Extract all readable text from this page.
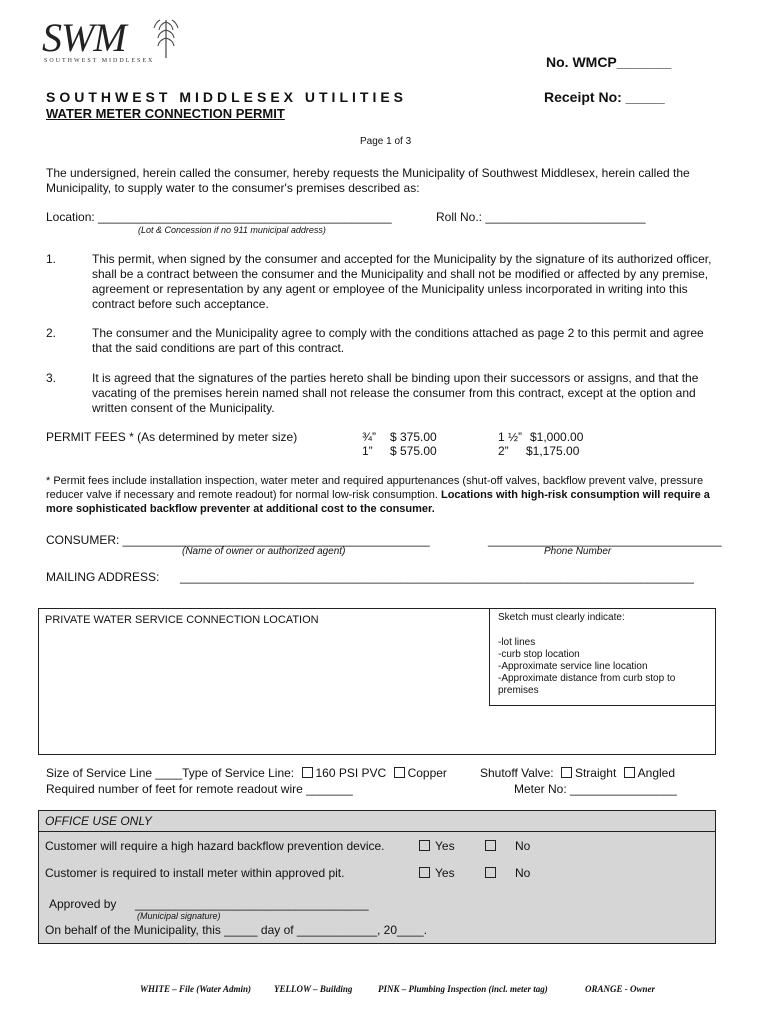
SWM
SOUTHWEST MIDDLESEX	No. WMCP_______
SOUTHWEST MIDDLESEX UTILITIES	Receipt No: _____
WATER METER CONNECTION PERMIT
Page 1 of 3
The undersigned, herein called the consumer, hereby requests the Municipality of Southwest Middlesex, herein called the Municipality, to supply water to the consumer's premises described as:
Location: ____________________________________________
(Lot & Concession if no 911 municipal address)
Roll No.: ________________________
1.	This permit, when signed by the consumer and accepted for the Municipality by the signature of its authorized officer, shall be a contract between the consumer and the Municipality and shall not be modified or affected by any premise, agreement or representation by any agent or employee of the Municipality unless incorporated in writing into this contract before such acceptance.
2.	The consumer and the Municipality agree to comply with the conditions attached as page 2 to this permit and agree that the said conditions are part of this contract.
3.	It is agreed that the signatures of the parties hereto shall be binding upon their successors or assigns, and that the vacating of the premises herein named shall not release the consumer from this contract, except at the option and written consent of the Municipality.
PERMIT FEES * (As determined by meter size)	¾” $ 375.00	1 ½” $1,000.00
1” $ 575.00	2” $1,175.00
* Permit fees include installation inspection, water meter and required appurtenances (shut-off valves, backflow prevent valve, pressure reducer valve if necessary and remote readout) for normal low-risk consumption. Locations with high-risk consumption will require a more sophisticated backflow preventer at additional cost to the consumer.
CONSUMER: ______________________________________________
(Name of owner or authorized agent)
___________________________________
Phone Number
MAILING ADDRESS: _____________________________________________________________________________
PRIVATE WATER SERVICE CONNECTION LOCATION	Sketch must clearly indicate:
-lot lines
-curb stop location
-Approximate service line location
-Approximate distance from curb stop to premises
Size of Service Line ____Type of Service Line: 160 PSI PVC Copper	Shutoff Valve: Straight Angled
Required number of feet for remote readout wire _______	Meter No: ________________
OFFICE USE ONLY
Customer will require a high hazard backflow prevention device.	Yes	No
Customer is required to install meter within approved pit.	Yes	No
Approved by ___________________________________
(Municipal signature)
On behalf of the Municipality, this _____ day of ____________, 20____.
WHITE – File (Water Admin)	YELLOW – Building	PINK – Plumbing Inspection (incl. meter tag)	ORANGE - Owner
